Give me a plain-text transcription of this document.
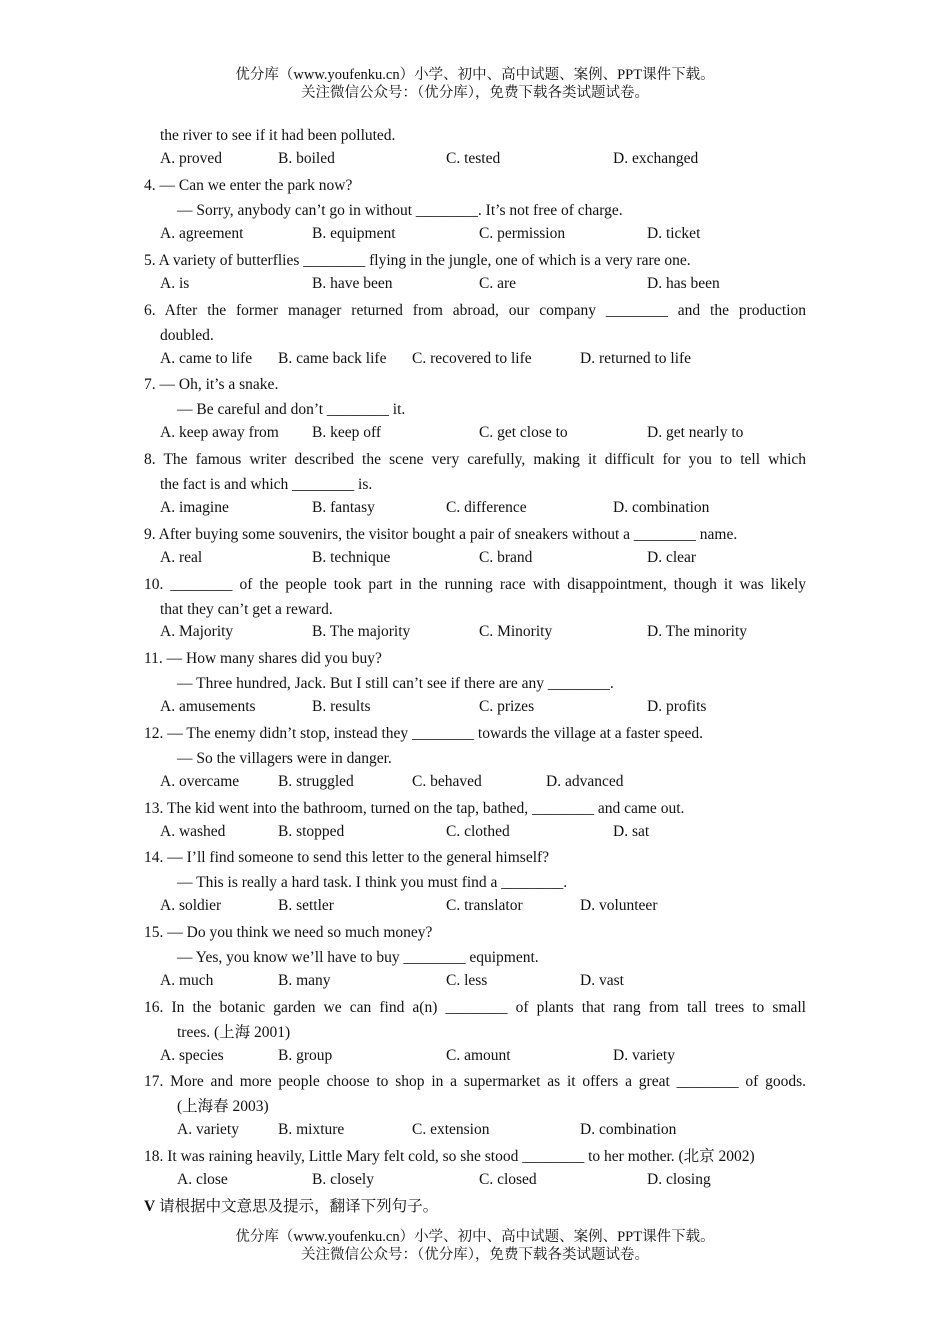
优分库（www.youfenku.cn）小学、初中、高中试题、案例、PPT课件下载。
关注微信公众号：（优分库），免费下载各类试题试卷。
the river to see if it had been polluted.
A. proved	B. boiled	C. tested	D. exchanged
4. — Can we enter the park now?
— Sorry, anybody can’t go in without ________. It’s not free of charge.
A. agreement	B. equipment	C. permission	D. ticket
5. A variety of butterflies ________ flying in the jungle, one of which is a very rare one.
A. is	B. have been	C. are	D. has been
6. After the former manager returned from abroad, our company ________ and the production
doubled.
A. came to life B. came back life C. recovered to life	D. returned to life
7. — Oh, it’s a snake.
— Be careful and don’t ________ it.
A. keep away from B. keep off	C. get close to	D. get nearly to
8. The famous writer described the scene very carefully, making it difficult for you to tell which
the fact is and which ________ is.
A. imagine	B. fantasy	C. difference	D. combination
9. After buying some souvenirs, the visitor bought a pair of sneakers without a ________ name.
A. real	B. technique	C. brand	D. clear
10. ________ of the people took part in the running race with disappointment, though it was likely
that they can’t get a reward.
A. Majority	B. The majority	C. Minority	D. The minority
11. — How many shares did you buy?
— Three hundred, Jack. But I still can’t see if there are any ________.
A. amusements	B. results	C. prizes	D. profits
12. — The enemy didn’t stop, instead they ________ towards the village at a faster speed.
— So the villagers were in danger.
A. overcame	B. struggled	C. behaved	D. advanced
13. The kid went into the bathroom, turned on the tap, bathed, ________ and came out.
A. washed	B. stopped	C. clothed	D. sat
14. — I’ll find someone to send this letter to the general himself?
— This is really a hard task. I think you must find a ________.
A. soldier	B. settler	C. translator	D. volunteer
15. — Do you think we need so much money?
— Yes, you know we’ll have to buy ________ equipment.
A. much	B. many	C. less	D. vast
16. In the botanic garden we can find a(n) ________ of plants that rang from tall trees to small
trees. (上海 2001)
A. species	B. group	C. amount	D. variety
17. More and more people choose to shop in a supermarket as it offers a great ________ of goods.
(上海春 2003)
A. variety	B. mixture	C. extension	D. combination
18. It was raining heavily, Little Mary felt cold, so she stood ________ to her mother. (北京 2002)
A. close	B. closely	C. closed	D. closing
V 请根据中文意思及提示，翻译下列句子。
优分库（www.youfenku.cn）小学、初中、高中试题、案例、PPT课件下载。
关注微信公众号：（优分库），免费下载各类试题试卷。
